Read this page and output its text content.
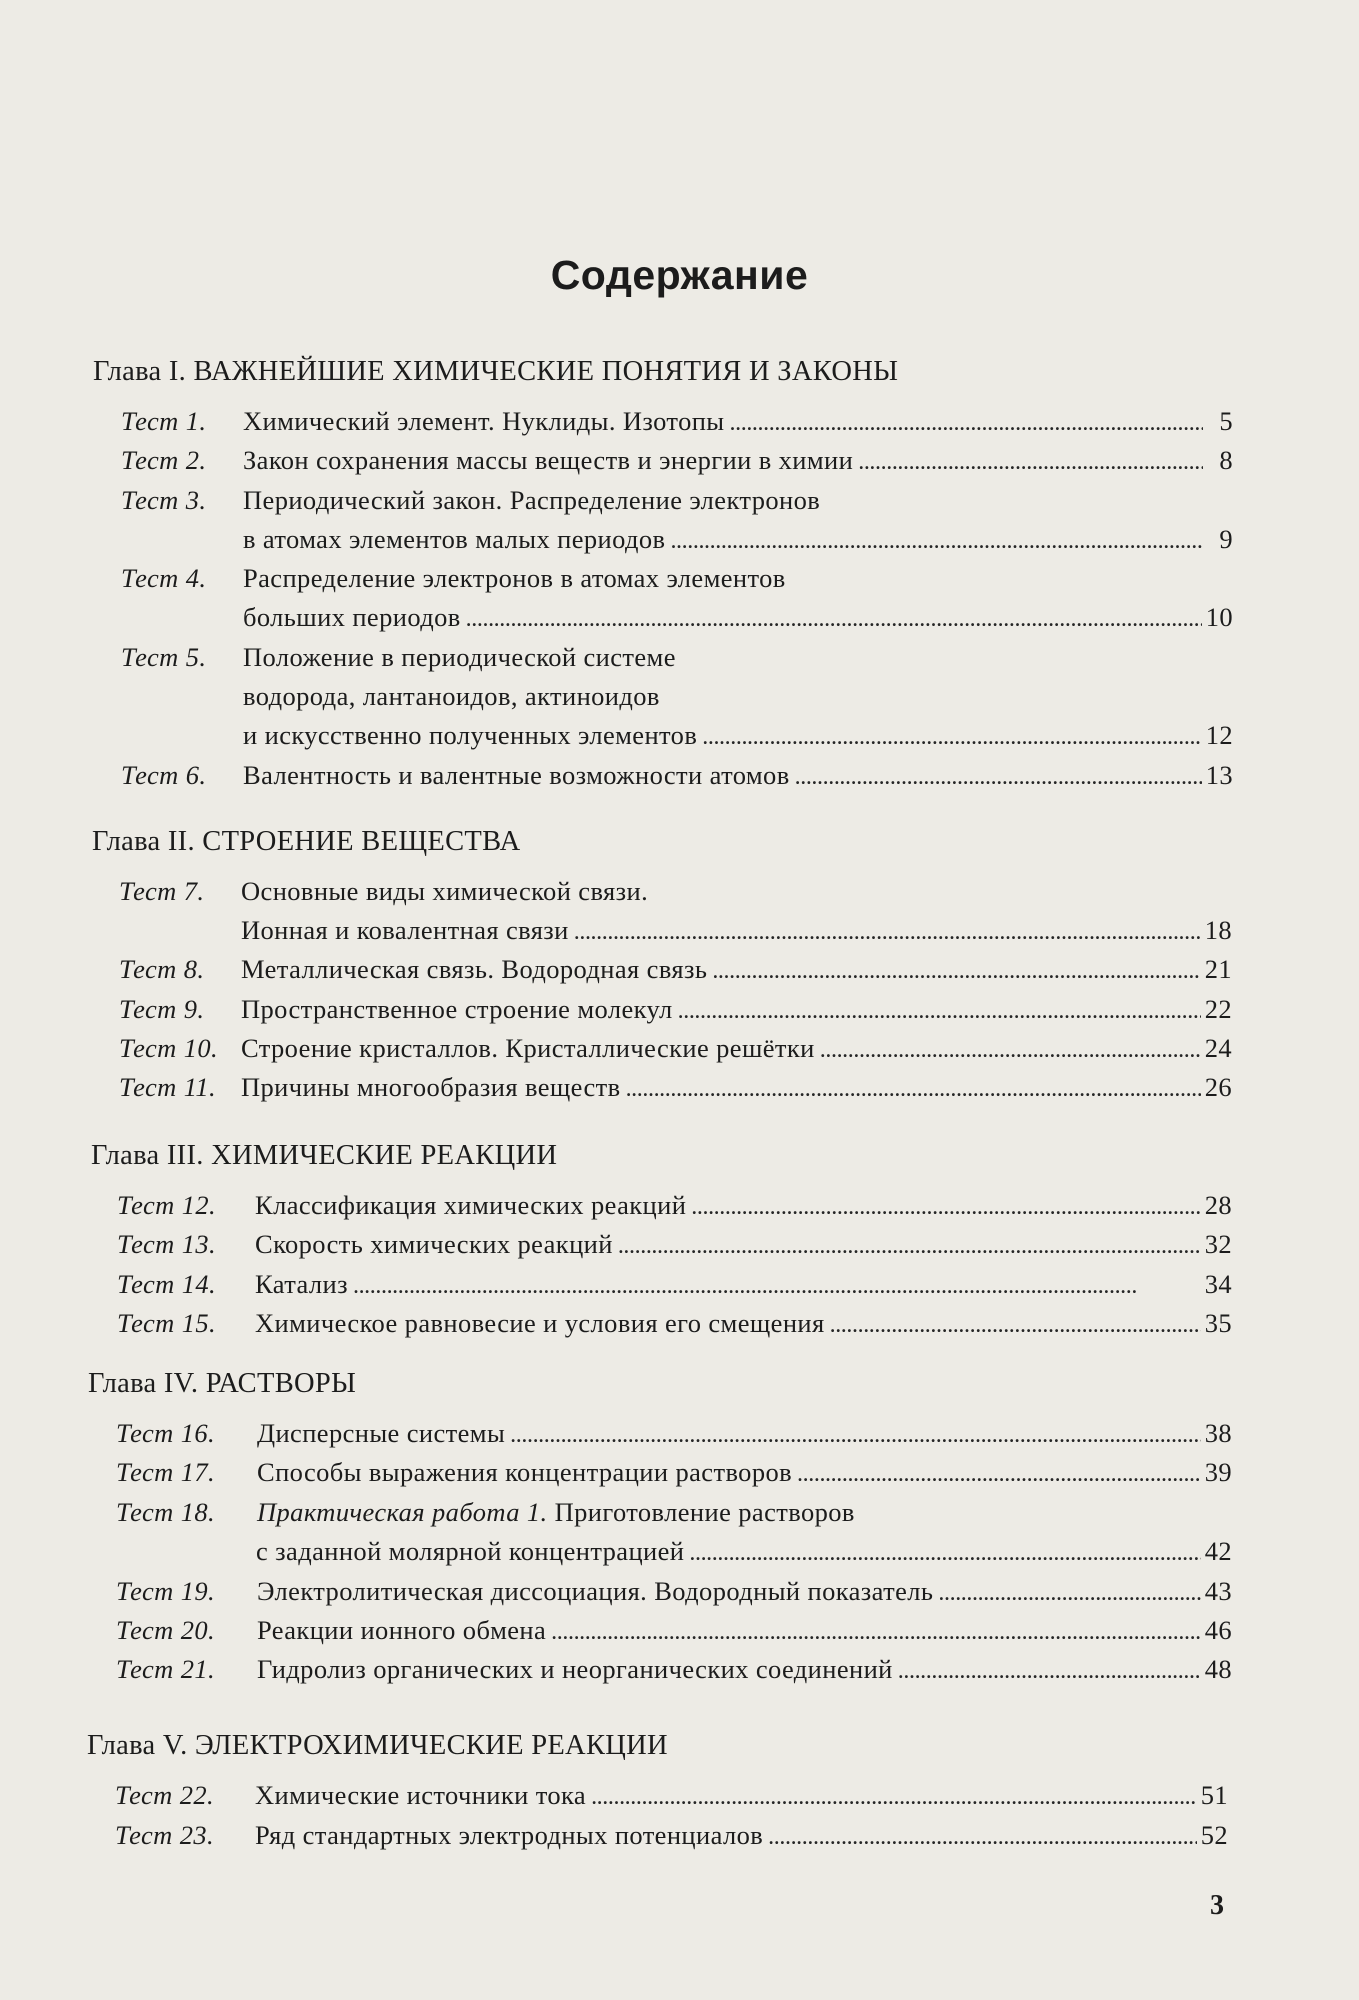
Содержание
Глава I. ВАЖНЕЙШИЕ ХИМИЧЕСКИЕ ПОНЯТИЯ И ЗАКОНЫ
Тест 1.	Химический элемент. Нуклиды. Изотопы . . .	5
Тест 2.	Закон сохранения массы веществ и энергии в химии . . .	8
Тест 3.	Периодический закон. Распределение электронов
в атомах элементов малых периодов . . .	9
Тест 4.	Распределение электронов в атомах элементов
больших периодов . . .	10
Тест 5.	Положение в периодической системе
водорода, лантаноидов, актиноидов
и искусственно полученных элементов . . .	12
Тест 6.	Валентность и валентные возможности атомов . . .	13
Глава II. СТРОЕНИЕ ВЕЩЕСТВА
Тест 7.	Основные виды химической связи.
Ионная и ковалентная связи . . .	18
Тест 8.	Металлическая связь. Водородная связь . . .	21
Тест 9.	Пространственное строение молекул . . .	22
Тест 10. Строение кристаллов. Кристаллические решётки . . .	24
Тест 11. Причины многообразия веществ . . .	26
Глава III. ХИМИЧЕСКИЕ РЕАКЦИИ
Тест 12.	Классификация химических реакций . . .	28
Тест 13.	Скорость химических реакций . . .	32
Тест 14.	Катализ . . .	34
Тест 15.	Химическое равновесие и условия его смещения . . .	35
Глава IV. РАСТВОРЫ
Тест 16.	Дисперсные системы . . .	38
Тест 17.	Способы выражения концентрации растворов . . .	39
Тест 18.	Практическая работа 1. Приготовление растворов
с заданной молярной концентрацией . . .	42
Тест 19.	Электролитическая диссоциация. Водородный показатель . . .	43
Тест 20.	Реакции ионного обмена . . .	46
Тест 21.	Гидролиз органических и неорганических соединений . . .	48
Глава V. ЭЛЕКТРОХИМИЧЕСКИЕ РЕАКЦИИ
Тест 22.	Химические источники тока . . .	51
Тест 23.	Ряд стандартных электродных потенциалов . . .	52
3
